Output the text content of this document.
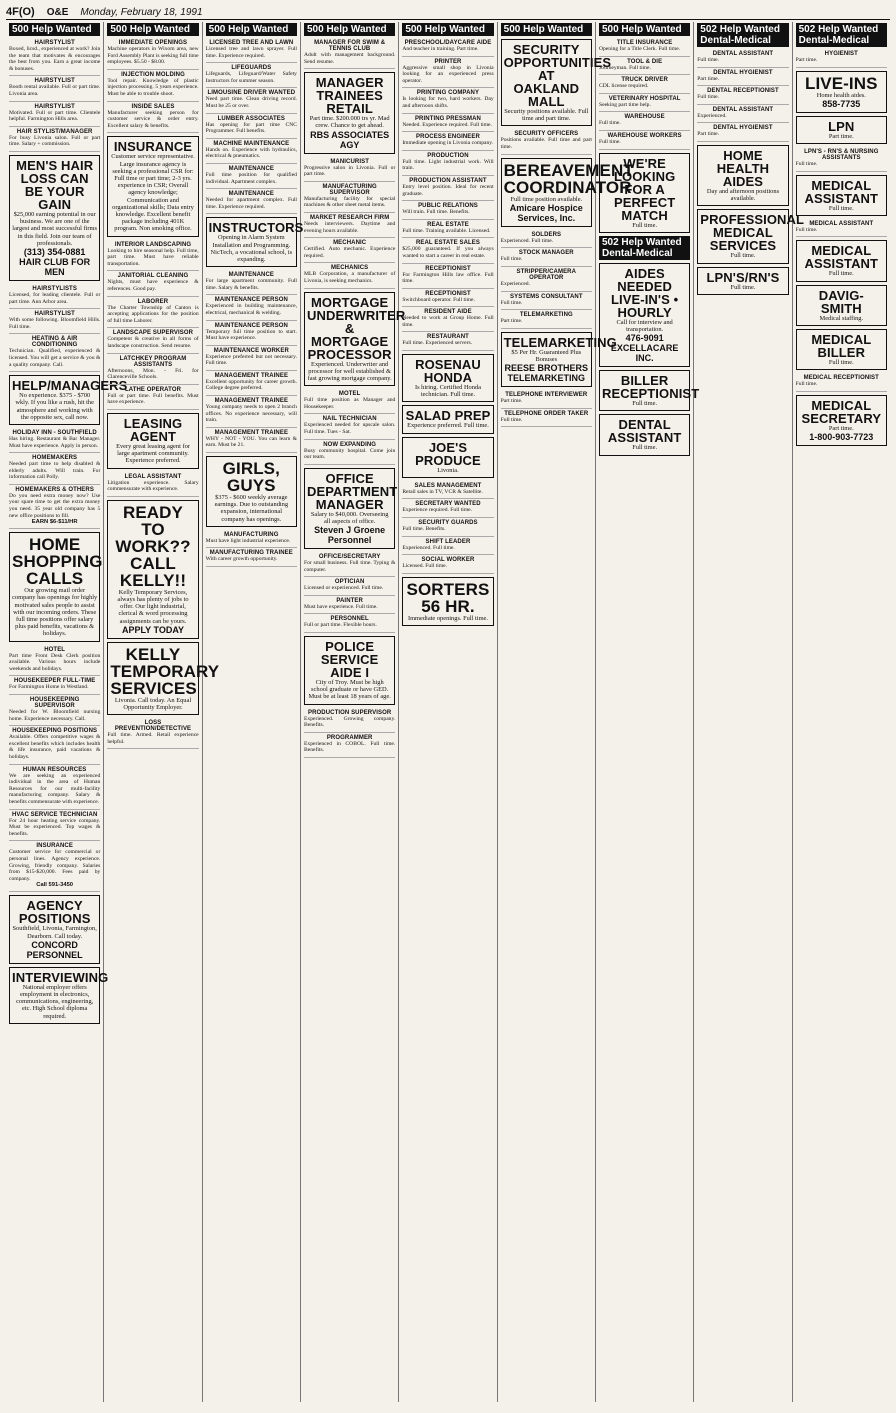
4F(O) O&E Monday, February 18, 1991
500 Help Wanted
HAIRSTYLIST
Boxed, licsd., experienced at work? Join the team that motivates & encourages the best from you. Earn a great income & bonuses.
HAIRSTYLIST
Booth rental available. Full or part time. Livonia area.
HAIRSTYLIST
Motivated. Full or part time. Clientele helpful. Farmington Hills area.
HAIR STYLIST/MANAGER
For busy Livonia salon. Full or part time. Salary + commission.
MEN'S HAIR LOSS CAN BE YOUR GAIN
$25,000 earning potential in our business. We are one of the largest and most successful firms in this field. Join our team of professionals.
(313) 354-0881 HAIR CLUB FOR MEN
HAIRSTYLISTS
Licensed, for leading clientele. Full or part time. Ann Arbor area.
HAIRSTYLIST
With some following. Bloomfield Hills. Full time.
HEATING & AIR CONDITIONING
Technician. Qualified, experienced & licensed. You will get a service & you & a quality company. Call.
HELP/MANAGERS
No experience. $375 - $700 wkly. If you like a rush, hit the atmosphere and working with the opposite sex, call now.
HOLIDAY INN - SOUTHFIELD
Has hiring. Restaurant & Bar Manager. Must have experience. Apply in person.
HOMEMAKERS
Needed part time to help disabled & elderly adults. Will train. For information call Polly.
HOMEMAKERS & OTHERS
Do you need extra money now? Use your spare time to get the extra money you need. 35 year old company has 5 new office positions to fill.
EARN $6-$11/HR
HOME SHOPPING CALLS
Our growing mail order company has openings for highly motivated sales people to assist with our incoming orders. These full time positions offer salary plus paid benefits, vacations & holidays.
HOTEL
Part time Front Desk Clerk position available. Various hours include weekends and holidays.
HOUSEKEEPER FULL-TIME
For Farmington Home in Westland.
HOUSEKEEPING SUPERVISOR
Needed for W. Bloomfield nursing home. Experience necessary. Call.
HOUSEKEEPING POSITIONS
Available. Offers competitive wages & excellent benefits which includes health & life insurance, paid vacations & holidays.
HUMAN RESOURCES
We are seeking an experienced individual in the area of Human Resources for our multi-facility manufacturing company. Salary & benefits commensurate with experience.
HVAC SERVICE TECHNICIAN
For 24 hour heating service company. Must be experienced. Top wages & benefits.
INSURANCE
Customer service for commercial or personal lines. Agency experience. Growing, friendly company. Salaries from $15-$20,000. Fees paid by company.
Call 591-3450
AGENCY POSITIONS
Southfield, Livonia, Farmington, Dearborn. Call today.
CONCORD PERSONNEL
INTERVIEWING
National employer offers employment in electronics, communications, engineering, etc. High School diploma required.
500 Help Wanted
IMMEDIATE OPENINGS
Machine operators in Wixom area, new Ford Assembly Plant is seeking full time employees. $5.50 - $8.00.
INJECTION MOLDING
Tool repair. Knowledge of plastic injection processing. 5 years experience. Must be able to trouble shoot.
INSIDE SALES
Manufacturer seeking person for customer service & order entry. Excellent salary & benefits.
INSURANCE
Customer service representative. Large insurance agency is seeking a professional CSR for: Full time or part time; 2-3 yrs. experience in CSR; Overall agency knowledge; Communication and organizational skills; Data entry knowledge. Excellent benefit package including 401K program. Non smoking office.
INTERIOR LANDSCAPING
Looking to hire seasonal help. Full time, part time. Must have reliable transportation.
JANITORIAL CLEANING
Nights, must have experience & references. Good pay.
LABORER
The Charter Township of Canton is accepting applications for the position of full time Laborer.
LANDSCAPE SUPERVISOR
Competent & creative in all forms of landscape construction. Send resume.
LATCHKEY PROGRAM ASSISTANTS
Afternoons, Mon. - Fri. for Clarenceville Schools.
LATHE OPERATOR
Full or part time. Full benefits. Must have experience.
LEASING AGENT
Every great leasing agent for large apartment community. Experience preferred.
LEGAL ASSISTANT
Litigation experience. Salary commensurate with experience.
READY TO WORK?? CALL KELLY!!
Kelly Temporary Services, always has plenty of jobs to offer. Our light industrial, clerical & word processing assignments can be yours.
APPLY TODAY
KELLY TEMPORARY SERVICES
Livonia. Call today. An Equal Opportunity Employer.
LOSS PREVENTION/DETECTIVE
Full time. Armed. Retail experience helpful.
500 Help Wanted
LICENSED TREE AND LAWN
Licensed tree and lawn sprayer. Full time. Experience required.
LIFEGUARDS
Lifeguards, Lifeguard/Water Safety Instructors for summer season.
LIMOUSINE DRIVER WANTED
Need part time. Clean driving record. Must be 25 or over.
LUMBER ASSOCIATES
Has opening for part time CNC Programmer. Full benefits.
MACHINE MAINTENANCE
Hands on. Experience with hydraulics, electrical & pneumatics.
MAINTENANCE
Full time position for qualified individual. Apartment complex.
MAINTENANCE
Needed for apartment complex. Full time. Experience required.
INSTRUCTORS
Opening in Alarm System Installation and Programming. NicTech, a vocational school, is expanding.
MAINTENANCE
For large apartment community. Full time. Salary & benefits.
MAINTENANCE PERSON
Experienced in building maintenance, electrical, mechanical & welding.
MAINTENANCE PERSON
Temporary full time position to start. Must have experience.
MAINTENANCE WORKER
Experience preferred but not necessary. Full time.
MANAGEMENT TRAINEE
Excellent opportunity for career growth. College degree preferred.
MANAGEMENT TRAINEE
Young company needs to open 2 branch offices. No experience necessary, will train.
MANAGEMENT TRAINEE
WHY - NOT - YOU. You can learn & earn. Must be 21.
GIRLS, GUYS
$375 - $600 weekly average earnings. Due to outstanding expansion, international company has openings.
MANUFACTURING
Must have light industrial experience.
MANUFACTURING TRAINEE
With career growth opportunity.
500 Help Wanted
MANAGER FOR SWIM & TENNIS CLUB
Adult with management background. Send resume.
MANAGER TRAINEES RETAIL
Part time. $200.000 trs yr. Mad crew. Chance to get ahead.
RBS ASSOCIATES AGY
MANICURIST
Progressive salon in Livonia. Full or part time.
MANUFACTURING SUPERVISOR
Manufacturing facility for special machines & other sheet metal items.
MARKET RESEARCH FIRM
Needs interviewers. Daytime and evening hours available.
MECHANIC
Certified. Auto mechanic. Experience required.
MECHANICS
MLB Corporation, a manufacturer of Livonia, is seeking mechanics.
MORTGAGE UNDERWRITER & MORTGAGE PROCESSOR
Experienced. Underwriter and processor for well established & fast growing mortgage company.
MOTEL
Full time position as Manager and Housekeeper.
NAIL TECHNICIAN
Experienced needed for upscale salon. Full time. Tues - Sat.
NOW EXPANDING
Busy community hospital. Come join our team.
OFFICE DEPARTMENT MANAGER
Salary to $40,000. Overseeing all aspects of office.
Steven J Groene Personnel
OFFICE/SECRETARY
For small business. Full time. Typing & computer.
OPTICIAN
Licensed or experienced. Full time.
PAINTER
Must have experience. Full time.
PERSONNEL
Full or part time. Flexible hours.
POLICE SERVICE AIDE I
City of Troy. Must be high school graduate or have GED. Must be at least 18 years of age.
PRODUCTION SUPERVISOR
Experienced. Growing company. Benefits.
PROGRAMMER
Experienced in COBOL. Full time. Benefits.
500 Help Wanted
PRESCHOOL/DAYCARE AIDE
And teacher in training. Part time.
PRINTER
Aggressive small shop in Livonia looking for an experienced press operator.
PRINTING COMPANY
Is looking for two, hard workers. Day and afternoon shifts.
PRINTING PRESSMAN
Needed. Experience required. Full time.
PROCESS ENGINEER
Immediate opening in Livonia company.
PRODUCTION
Full time. Light industrial work. Will train.
PRODUCTION ASSISTANT
Entry level position. Ideal for recent graduate.
PUBLIC RELATIONS
Will train. Full time. Benefits.
REAL ESTATE
Full time. Training available. Licensed.
REAL ESTATE SALES
$25,000 guaranteed. If you always wanted to start a career in real estate.
RECEPTIONIST
For Farmington Hills law office. Full time.
RECEPTIONIST
Switchboard operator. Full time.
RESIDENT AIDE
Needed to work at Group Home. Full time.
RESTAURANT
Full time. Experienced servers.
ROSENAU HONDA
Is hiring. Certified Honda technician. Full time.
SALAD PREP
Experience preferred. Full time.
JOE'S PRODUCE
Livonia.
SALES MANAGEMENT
Retail sales in TV, VCR & Satellite.
SECRETARY WANTED
Experience required. Full time.
SECURITY GUARDS
Full time. Benefits.
SHIFT LEADER
Experienced. Full time.
SOCIAL WORKER
Licensed. Full time.
SORTERS 56 HR.
Immediate openings. Full time.
500 Help Wanted
SECURITY OPPORTUNITIES AT OAKLAND MALL
Security positions available. Full time and part time.
SECURITY OFFICERS
Positions available. Full time and part time.
BEREAVEMENT COORDINATOR
Full time position available.
Amicare Hospice Services, Inc.
SOLDERS
Experienced. Full time.
STOCK MANAGER
Full time.
STRIPPER/CAMERA OPERATOR
Experienced.
SYSTEMS CONSULTANT
Full time.
TELEMARKETING
Part time.
TELEMARKETING
$5 Per Hr. Guaranteed Plus Bonuses
REESE BROTHERS TELEMARKETING
TELEPHONE INTERVIEWER
Part time.
TELEPHONE ORDER TAKER
Full time.
500 Help Wanted
TITLE INSURANCE
Opening for a Title Clerk. Full time.
TOOL & DIE
Journeyman. Full time.
TRUCK DRIVER
CDL license required.
VETERINARY HOSPITAL
Seeking part time help.
WAREHOUSE
Full time.
WAREHOUSE WORKERS
Full time.
WE'RE LOOKING FOR A PERFECT MATCH
Full time.
502 Help Wanted Dental-Medical
AIDES NEEDED LIVE-IN'S • HOURLY
Call for interview and transportation.
476-9091 EXCELLACARE INC.
BILLER RECEPTIONIST
Full time.
DENTAL ASSISTANT
Full time.
502 Help Wanted Dental-Medical
DENTAL ASSISTANT
Full time.
DENTAL HYGIENIST
Part time.
DENTAL RECEPTIONIST
Full time.
DENTAL ASSISTANT
Experienced.
DENTAL HYGIENIST
Part time.
HOME HEALTH AIDES
Day and afternoon positions available.
PROFESSIONAL MEDICAL SERVICES
Full time.
LPN'S/RN'S
Full time.
502 Help Wanted Dental-Medical
HYGIENIST
Part time.
LIVE-INS
Home health aides.
858-7735
LPN
Part time.
LPN'S - RN'S & NURSING ASSISTANTS
Full time.
MEDICAL ASSISTANT
Full time.
MEDICAL ASSISTANT
Full time.
MEDICAL ASSISTANT
Full time.
DAVIG-SMITH
Medical staffing.
MEDICAL BILLER
Full time.
MEDICAL RECEPTIONIST
Full time.
MEDICAL SECRETARY
Part time.
1-800-903-7723
